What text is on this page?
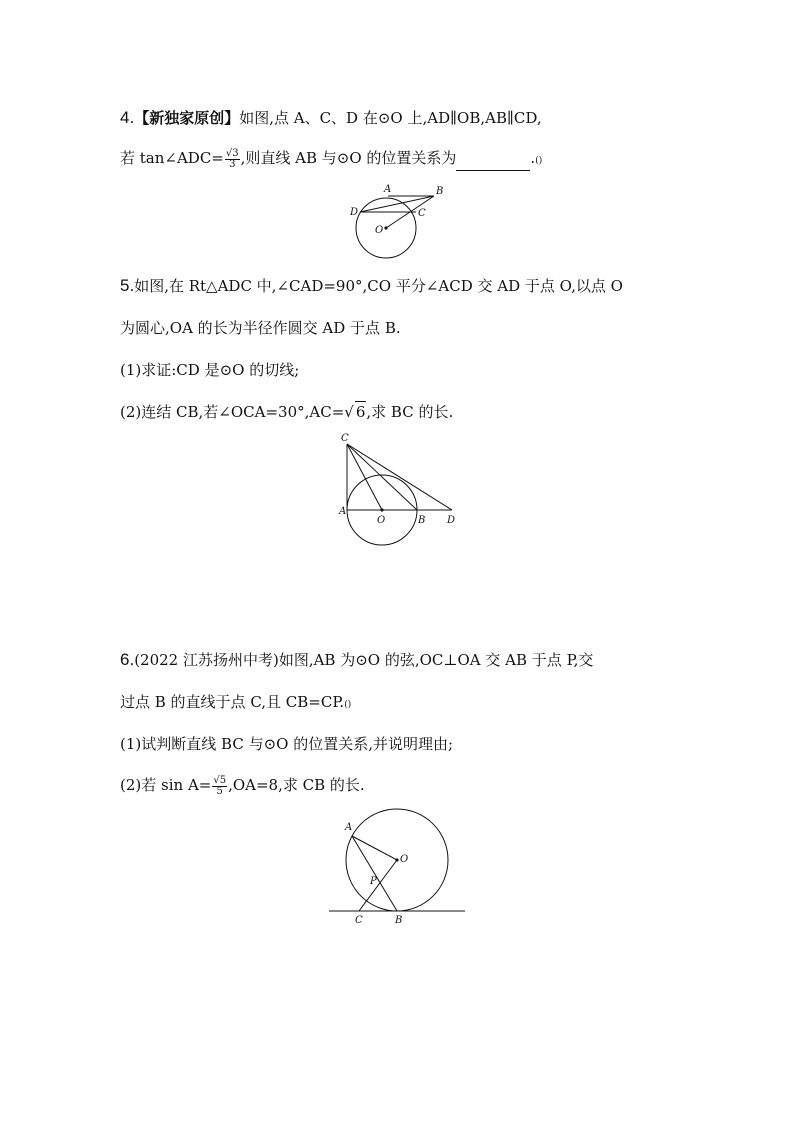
4.【新独家原创】如图,点 A、C、D 在⊙O 上,AD∥OB,AB∥CD,
若 tan∠ADC= $\frac{√3}{3}$ ,则直线 AB 与⊙O 的位置关系为	.()
A	B
C
D
O
5.如图,在 Rt△ADC 中,∠CAD=90°,CO 平分∠ACD 交 AD 于点 O,以点 O
为圆心,OA 的长为半径作圆交 AD 于点 B.
(1)求证:CD 是⊙O 的切线;
(2)连结 CB,若∠OCA=30°,AC=√ 6,求 BC 的长.
C
A
O	B D
6.(2022 江苏扬州中考)如图,AB 为⊙O 的弦,OC⊥OA 交 AB 于点 P,交
过点 B 的直线于点 C,且 CB=CP.()
(1)试判断直线 BC 与⊙O 的位置关系,并说明理由;
(2)若 $\sin A= \frac{√5}{5} ,OA=8$,求 CB 的长.
A
O
P
C	B
